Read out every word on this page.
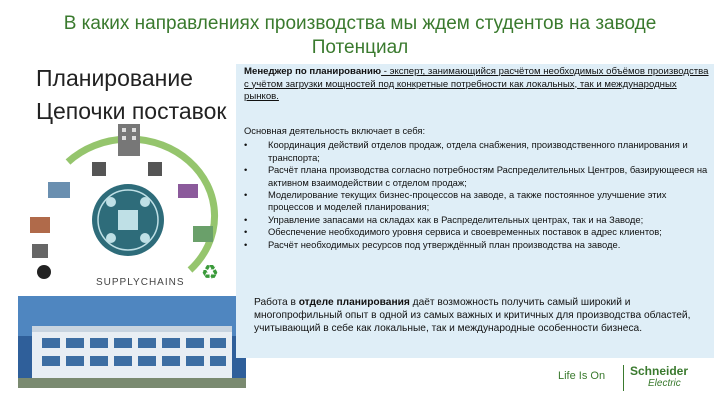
В каких направлениях производства мы ждем студентов на заводе Потенциал
Планирование
Цепочки поставок
♻
SUPPLYCHAINS
Менеджер по планированию - эксперт, занимающийся расчётом необходимых объёмов производства с учётом загрузки мощностей под конкретные потребности как локальных, так и международных рынков.
Основная деятельность включает в себя:
• Координация действий отделов продаж, отдела снабжения, производственного планирования и транспорта;
• Расчёт плана производства согласно потребностям Распределительных Центров, базирующееся на активном взаимодействии с отделом продаж;
• Моделирование текущих бизнес-процессов на заводе, а также постоянное улучшение этих процессов и моделей планирования;
• Управление запасами на складах как в Распределительных центрах, так и на Заводе;
• Обеспечение необходимого уровня сервиса и своевременных поставок в адрес клиентов;
• Расчёт необходимых ресурсов под утверждённый план производства на заводе.
Работа в отделе планирования даёт возможность получить самый широкий и многопрофильный опыт в одной из самых важных и критичных для производства областей, учитывающий в себе как локальные, так и международные особенности бизнеса.
Life Is On Schneider
Electric
